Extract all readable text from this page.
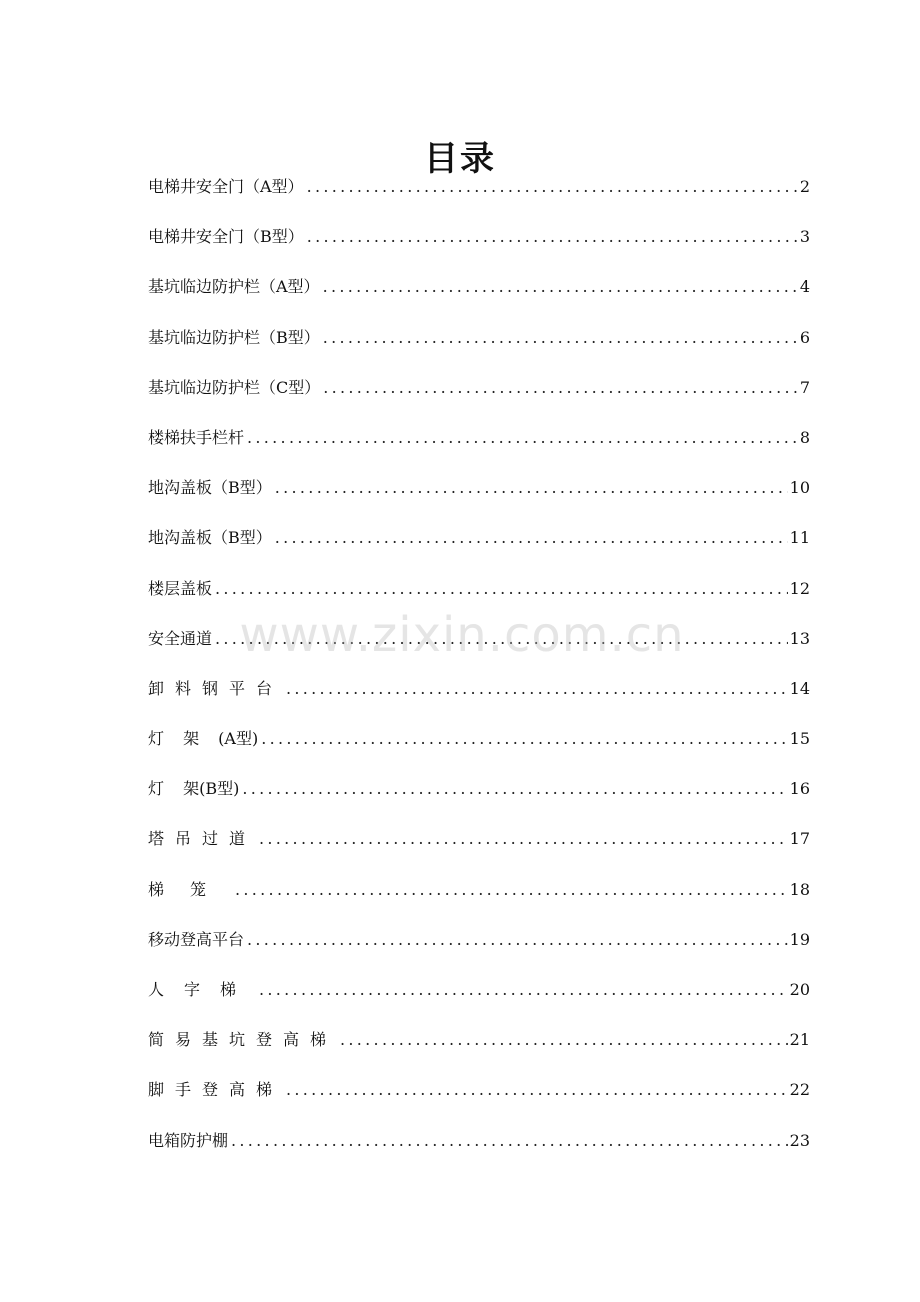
目录
电梯井安全门（A型） .....	2
电梯井安全门（B型） .....	3
基坑临边防护栏（A型） .....	4
基坑临边防护栏（B型） .....	6
基坑临边防护栏（C型） .....	7
楼梯扶手栏杆 .....	8
地沟盖板（B型） .....	10
地沟盖板（B型） .....	11
楼层盖板 .....	12
安全通道 .....	13
卸料钢平台 .....	14
灯 架 (A型) .....	15
灯 架(B型) .....	16
塔吊过道 .....	17
梯笼 .....	18
移动登高平台 .....	19
人字梯 .....	20
简易基坑登高梯 .....	21
脚手登高梯 .....	22
电箱防护棚 .....	23
www.zixin.com.cn
